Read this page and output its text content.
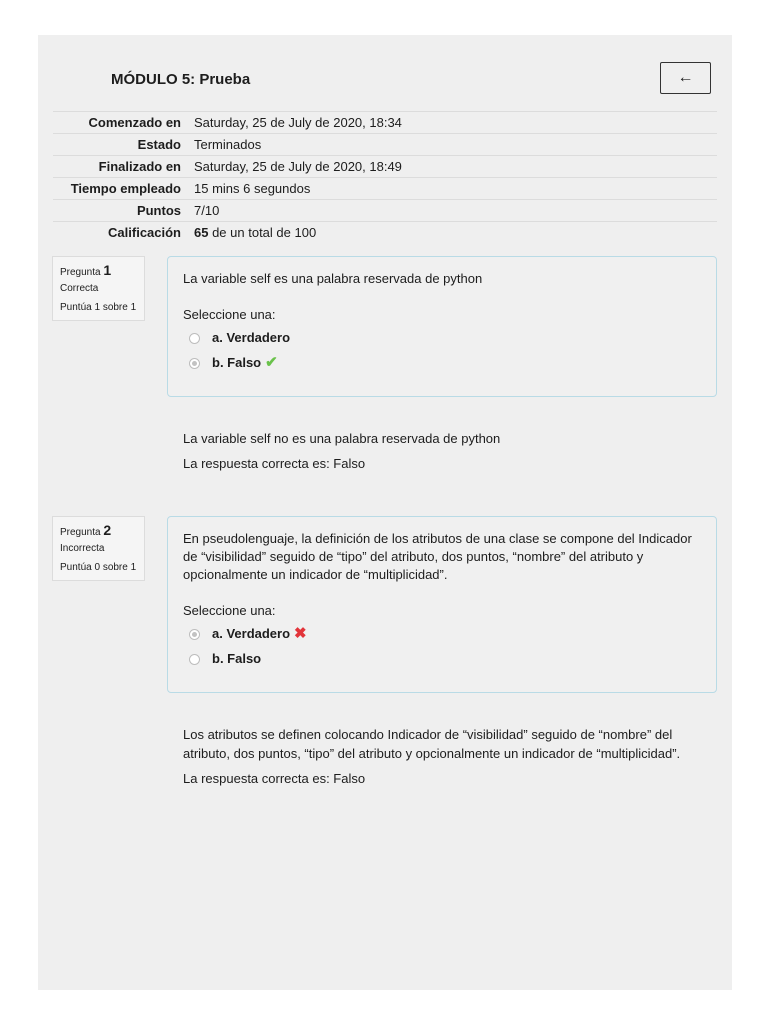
MÓDULO 5: Prueba	←
Comenzado en	Saturday, 25 de July de 2020, 18:34
Estado	Terminados
Finalizado en	Saturday, 25 de July de 2020, 18:49
Tiempo empleado	15 mins 6 segundos
Puntos	7/10
Calificación	65 de un total de 100
Pregunta 1
Correcta
Puntúa 1 sobre 1
La variable self es una palabra reservada de python
Seleccione una:
a. Verdadero
b. Falso ✔

La variable self no es una palabra reservada de python

La respuesta correcta es: Falso

Pregunta 2
Incorrecta
Puntúa 0 sobre 1
En pseudolenguaje, la definición de los atributos de una clase se compone del Indicador de “visibilidad” seguido de “tipo” del atributo, dos puntos, “nombre” del atributo y opcionalmente un indicador de “multiplicidad”.
Seleccione una:
a. Verdadero ✖
b. Falso

Los atributos se definen colocando Indicador de “visibilidad” seguido de “nombre” del atributo, dos puntos, “tipo” del atributo y opcionalmente un indicador de “multiplicidad”.

La respuesta correcta es: Falso
